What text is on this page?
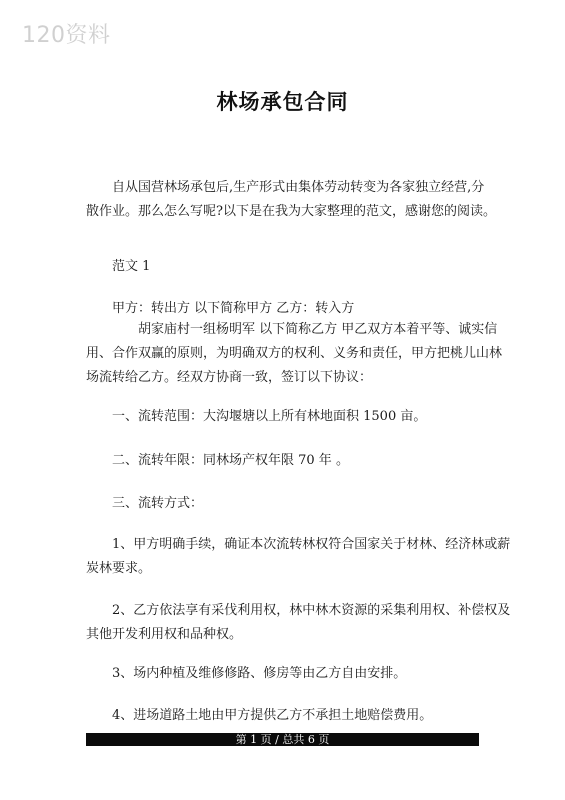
120资料
林场承包合同
　　自从国营林场承包后,生产形式由集体劳动转变为各家独立经营,分
散作业。那么怎么写呢?以下是在我为大家整理的范文，感谢您的阅读。
　　范文 1
　　甲方：转出方 以下简称甲方 乙方：转入方
　　　　胡家庙村一组杨明军 以下简称乙方 甲乙双方本着平等、诚实信
用、合作双赢的原则，为明确双方的权利、义务和责任，甲方把桃儿山林
场流转给乙方。经双方协商一致，签订以下协议：
　　一、流转范围：大沟堰塘以上所有林地面积 1500 亩。
　　二、流转年限：同林场产权年限 70 年 。
　　三、流转方式：
　　1、甲方明确手续，确证本次流转林权符合国家关于材林、经济林或薪
炭林要求。
　　2、乙方依法享有采伐利用权，林中林木资源的采集利用权、补偿权及
其他开发利用权和品种权。
　　3、场内种植及维修修路、修房等由乙方自由安排。
　　4、进场道路土地由甲方提供乙方不承担土地赔偿费用。
第 1 页 / 总共 6 页
